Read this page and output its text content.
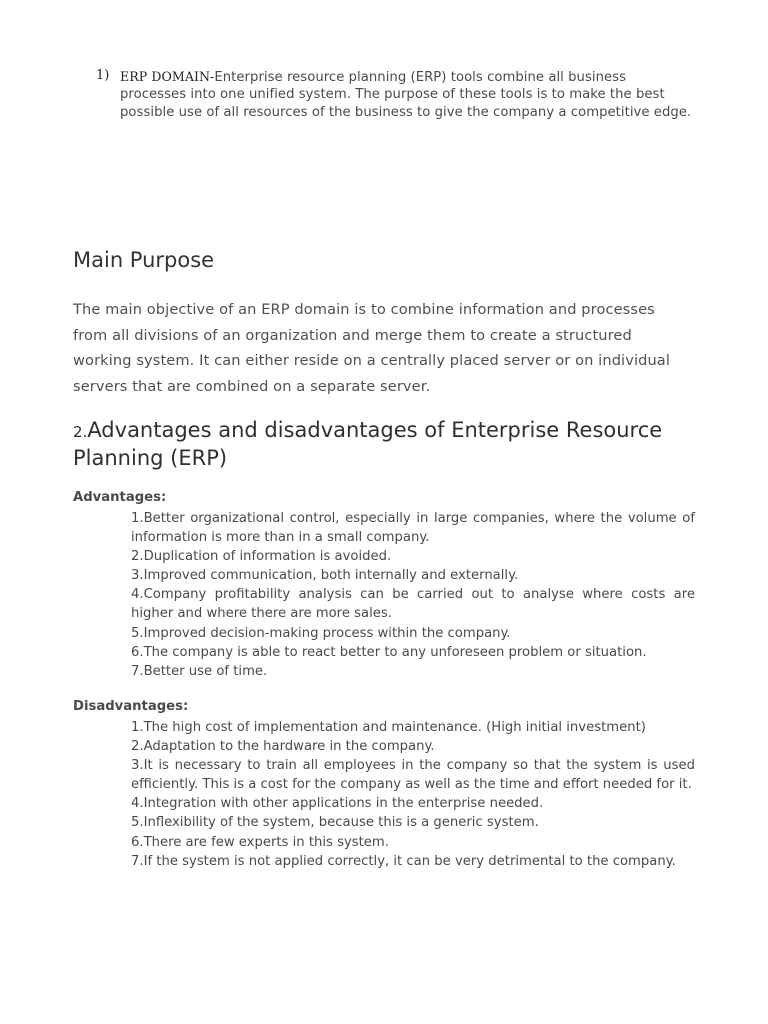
1) ERP DOMAIN-Enterprise resource planning (ERP) tools combine all business processes into one unified system. The purpose of these tools is to make the best possible use of all resources of the business to give the company a competitive edge.
Main Purpose

The main objective of an ERP domain is to combine information and processes from all divisions of an organization and merge them to create a structured working system. It can either reside on a centrally placed server or on individual servers that are combined on a separate server.

2.Advantages and disadvantages of Enterprise Resource Planning (ERP)

Advantages:

1.Better organizational control, especially in large companies, where the volume of information is more than in a small company.
2.Duplication of information is avoided.
3.Improved communication, both internally and externally.
4.Company profitability analysis can be carried out to analyse where costs are higher and where there are more sales.
5.Improved decision-making process within the company.
6.The company is able to react better to any unforeseen problem or situation.
7.Better use of time.

Disadvantages:

1.The high cost of implementation and maintenance. (High initial investment)
2.Adaptation to the hardware in the company.
3.It is necessary to train all employees in the company so that the system is used efficiently. This is a cost for the company as well as the time and effort needed for it.
4.Integration with other applications in the enterprise needed.
5.Inflexibility of the system, because this is a generic system.
6.There are few experts in this system.
7.If the system is not applied correctly, it can be very detrimental to the company.
